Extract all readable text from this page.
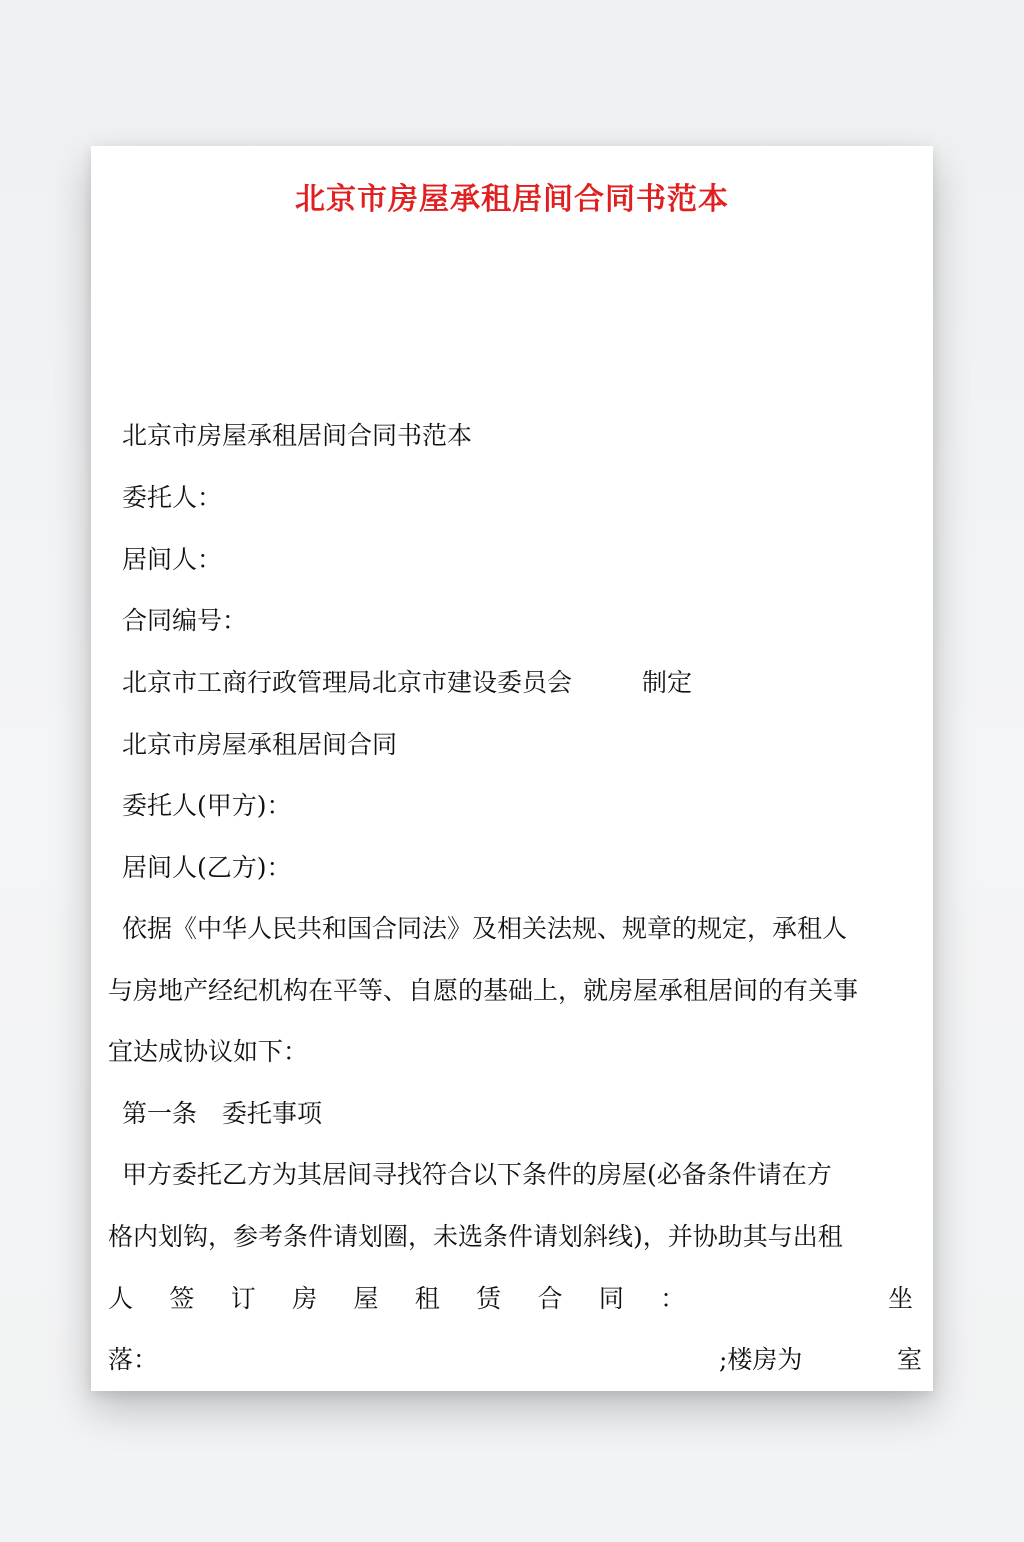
北京市房屋承租居间合同书范本
北京市房屋承租居间合同书范本
委托人：
居间人：
合同编号：
北京市工商行政管理局北京市建设委员会	制定
北京市房屋承租居间合同
委托人(甲方)：
居间人(乙方)：
依据《中华人民共和国合同法》及相关法规、规章的规定，承租人
与房地产经纪机构在平等、自愿的基础上，就房屋承租居间的有关事
宜达成协议如下：
第一条　委托事项
甲方委托乙方为其居间寻找符合以下条件的房屋(必备条件请在方
格内划钩，参考条件请划圈，未选条件请划斜线)，并协助其与出租
人 签 订 房 屋 租 赁 合 同 ：	坐
落：	;楼房为	室
